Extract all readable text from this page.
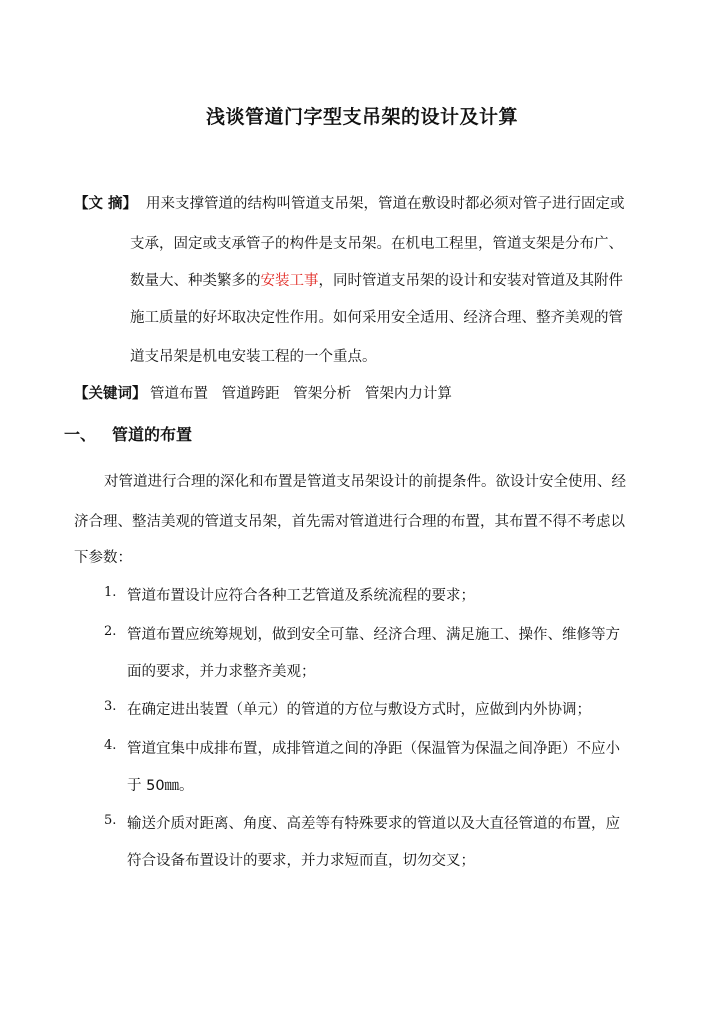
浅谈管道门字型支吊架的设计及计算
【文 摘】 用来支撑管道的结构叫管道支吊架，管道在敷设时都必须对管子进行固定或
支承，固定或支承管子的构件是支吊架。在机电工程里，管道支架是分布广、
数量大、种类繁多的安装工事，同时管道支吊架的设计和安装对管道及其附件
施工质量的好坏取决定性作用。如何采用安全适用、经济合理、整齐美观的管
道支吊架是机电安装工程的一个重点。
【关键词】 管道布置 管道跨距 管架分析 管架内力计算
一、 管道的布置
对管道进行合理的深化和布置是管道支吊架设计的前提条件。欲设计安全使用、经
济合理、整洁美观的管道支吊架，首先需对管道进行合理的布置，其布置不得不考虑以
下参数：
1. 管道布置设计应符合各种工艺管道及系统流程的要求；
2. 管道布置应统筹规划，做到安全可靠、经济合理、满足施工、操作、维修等方
面的要求，并力求整齐美观；
3. 在确定进出装置（单元）的管道的方位与敷设方式时，应做到内外协调；
4. 管道宜集中成排布置，成排管道之间的净距（保温管为保温之间净距）不应小
于 50㎜。
5. 输送介质对距离、角度、高差等有特殊要求的管道以及大直径管道的布置，应
符合设备布置设计的要求，并力求短而直，切勿交叉；
